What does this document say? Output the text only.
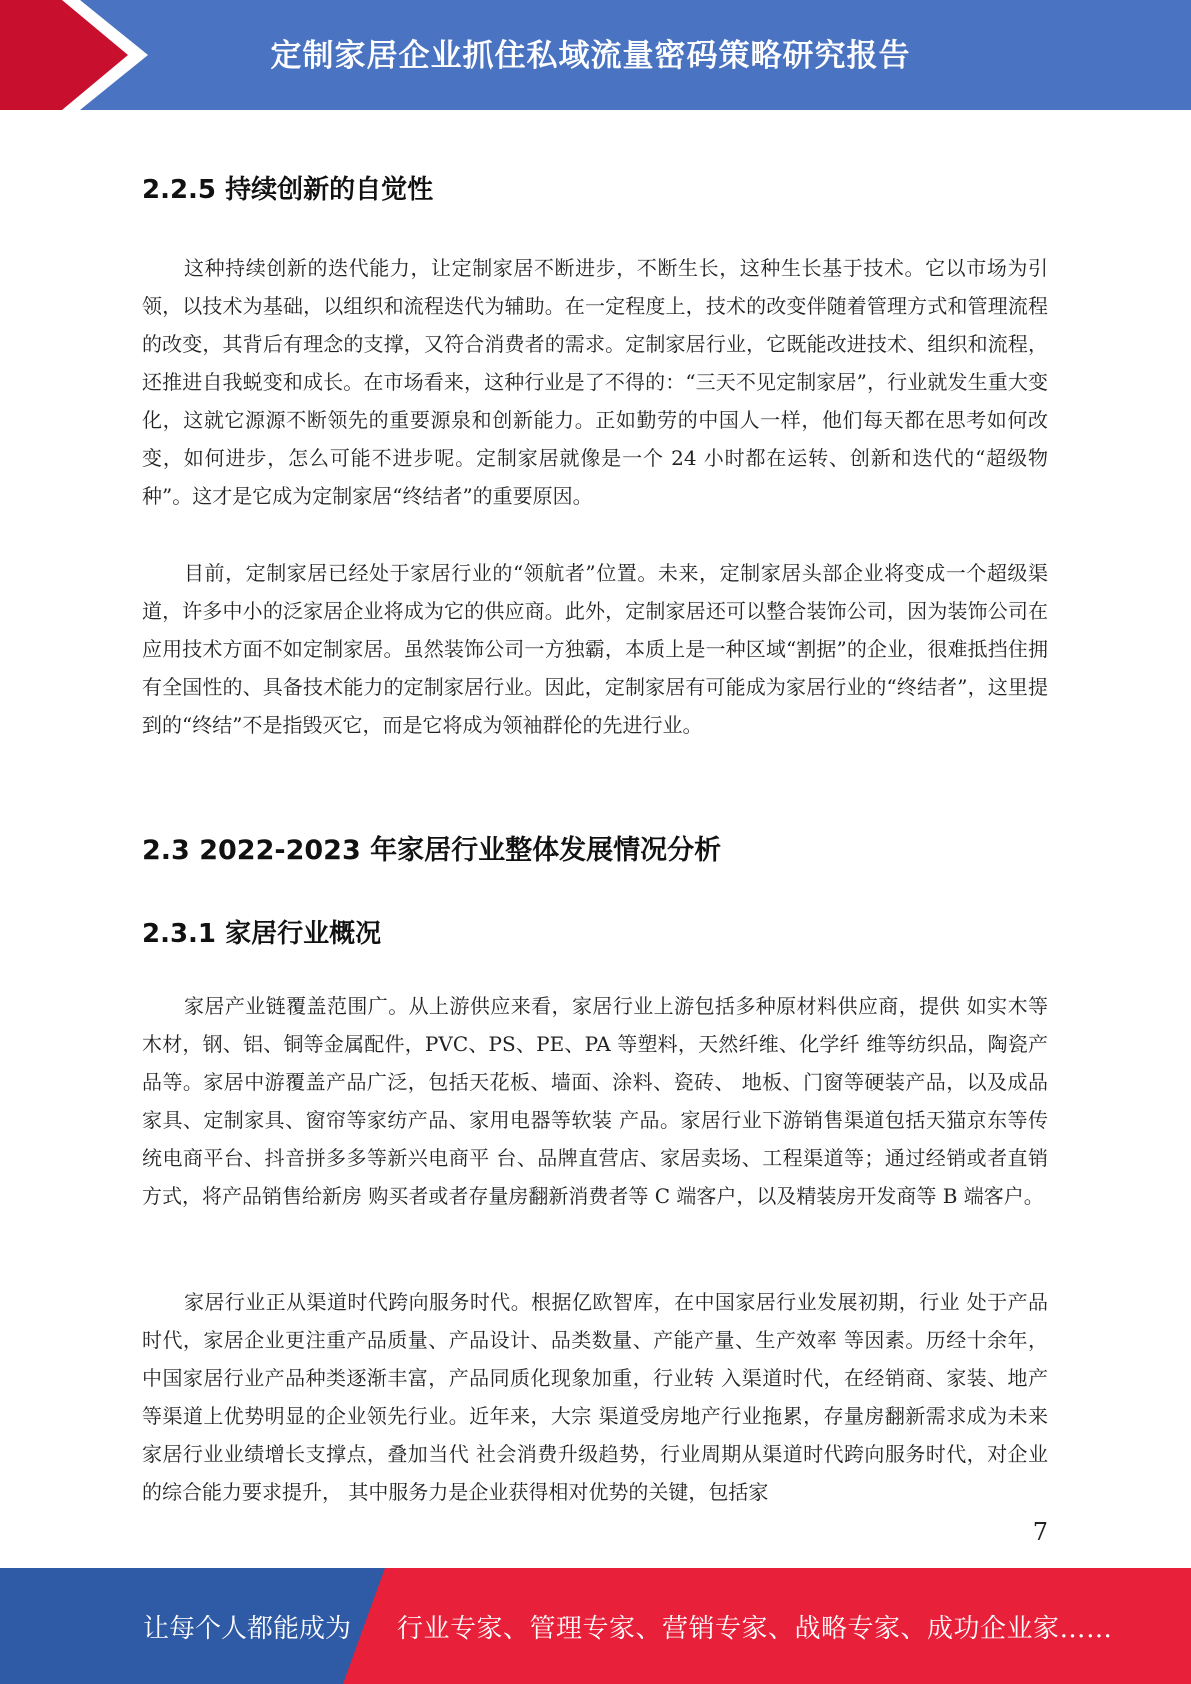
定制家居企业抓住私域流量密码策略研究报告
2.2.5 持续创新的自觉性

这种持续创新的迭代能力，让定制家居不断进步，不断生长，这种生长基于技术。它以市场为引领，以技术为基础，以组织和流程迭代为辅助。在一定程度上，技术的改变伴随着管理方式和管理流程的改变，其背后有理念的支撑，又符合消费者的需求。定制家居行业，它既能改进技术、组织和流程，还推进自我蜕变和成长。在市场看来，这种行业是了不得的：“三天不见定制家居”，行业就发生重大变化，这就它源源不断领先的重要源泉和创新能力。正如勤劳的中国人一样，他们每天都在思考如何改变，如何进步，怎么可能不进步呢。定制家居就像是一个 24 小时都在运转、创新和迭代的“超级物种”。这才是它成为定制家居“终结者”的重要原因。

目前，定制家居已经处于家居行业的“领航者”位置。未来，定制家居头部企业将变成一个超级渠道，许多中小的泛家居企业将成为它的供应商。此外，定制家居还可以整合装饰公司，因为装饰公司在应用技术方面不如定制家居。虽然装饰公司一方独霸，本质上是一种区域“割据”的企业，很难抵挡住拥有全国性的、具备技术能力的定制家居行业。因此，定制家居有可能成为家居行业的“终结者”，这里提到的“终结”不是指毁灭它，而是它将成为领袖群伦的先进行业。

2.3 2022-2023 年家居行业整体发展情况分析
2.3.1 家居行业概况

家居产业链覆盖范围广。从上游供应来看，家居行业上游包括多种原材料供应商，提供 如实木等木材，钢、铝、铜等金属配件，PVC、PS、PE、PA 等塑料，天然纤维、化学纤 维等纺织品，陶瓷产品等。家居中游覆盖产品广泛，包括天花板、墙面、涂料、瓷砖、 地板、门窗等硬装产品，以及成品家具、定制家具、窗帘等家纺产品、家用电器等软装 产品。家居行业下游销售渠道包括天猫京东等传统电商平台、抖音拼多多等新兴电商平 台、品牌直营店、家居卖场、工程渠道等；通过经销或者直销方式，将产品销售给新房 购买者或者存量房翻新消费者等 C 端客户，以及精装房开发商等 B 端客户。

家居行业正从渠道时代跨向服务时代。根据亿欧智库，在中国家居行业发展初期，行业 处于产品时代，家居企业更注重产品质量、产品设计、品类数量、产能产量、生产效率 等因素。历经十余年，中国家居行业产品种类逐渐丰富，产品同质化现象加重，行业转 入渠道时代，在经销商、家装、地产等渠道上优势明显的企业领先行业。近年来，大宗 渠道受房地产行业拖累，存量房翻新需求成为未来家居行业业绩增长支撑点，叠加当代 社会消费升级趋势，行业周期从渠道时代跨向服务时代，对企业的综合能力要求提升， 其中服务力是企业获得相对优势的关键，包括家

7
让每个人都能成为 行业专家、管理专家、营销专家、战略专家、成功企业家……
